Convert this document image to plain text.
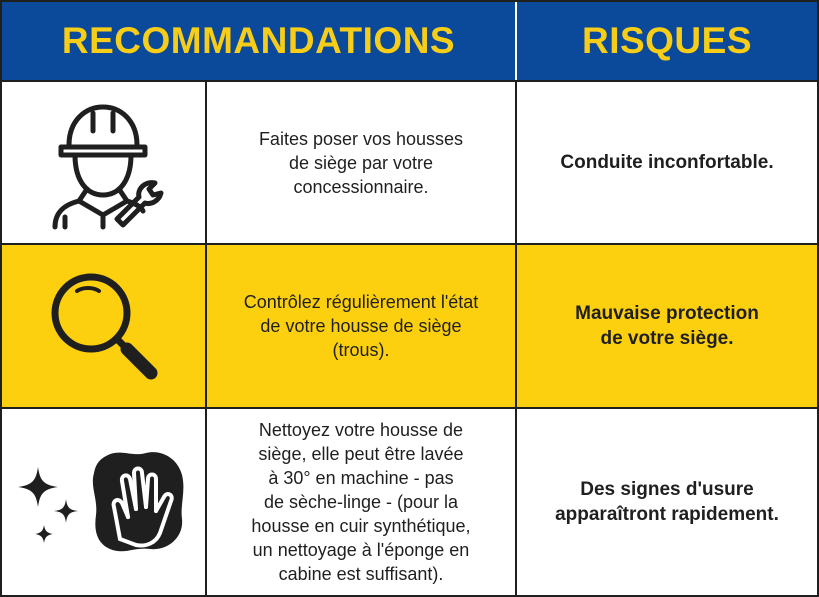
RECOMMANDATIONS	RISQUES
Faites poser vos housses
de siège par votre
concessionnaire.
Conduite inconfortable.
Contrôlez régulièrement l'état
de votre housse de siège
(trous).
Mauvaise protection
de votre siège.
Nettoyez votre housse de
siège, elle peut être lavée
à 30° en machine - pas
de sèche-linge - (pour la
housse en cuir synthétique,
un nettoyage à l'éponge en
cabine est suffisant).
Des signes d'usure
apparaîtront rapidement.
